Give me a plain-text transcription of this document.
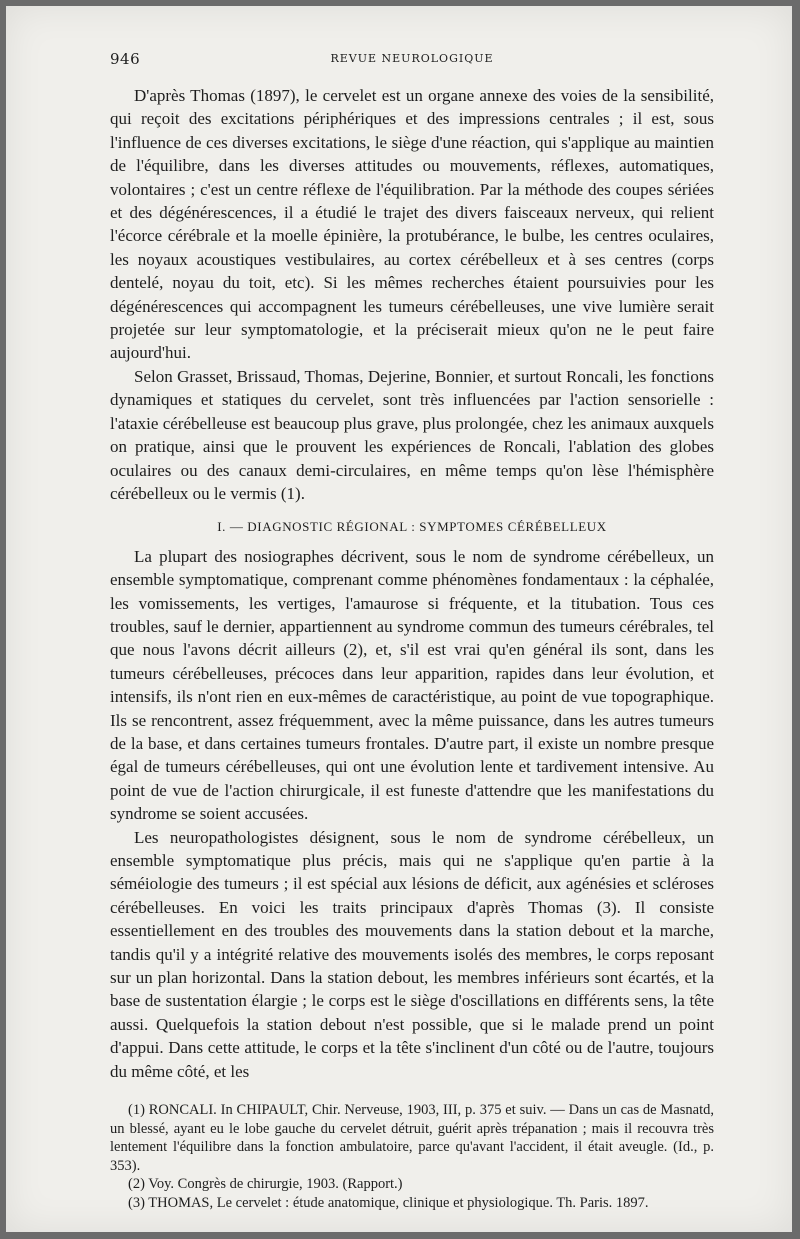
946	REVUE NEUROLOGIQUE

D'après Thomas (1897), le cervelet est un organe annexe des voies de la sensibilité, qui reçoit des excitations périphériques et des impressions centrales ; il est, sous l'influence de ces diverses excitations, le siège d'une réaction, qui s'applique au maintien de l'équilibre, dans les diverses attitudes ou mouvements, réflexes, automatiques, volontaires ; c'est un centre réflexe de l'équilibration. Par la méthode des coupes sériées et des dégénérescences, il a étudié le trajet des divers faisceaux nerveux, qui relient l'écorce cérébrale et la moelle épinière, la protubérance, le bulbe, les centres oculaires, les noyaux acoustiques vestibulaires, au cortex cérébelleux et à ses centres (corps dentelé, noyau du toit, etc). Si les mêmes recherches étaient poursuivies pour les dégénérescences qui accompagnent les tumeurs cérébelleuses, une vive lumière serait projetée sur leur symptomatologie, et la préciserait mieux qu'on ne le peut faire aujourd'hui.

Selon Grasset, Brissaud, Thomas, Dejerine, Bonnier, et surtout Roncali, les fonctions dynamiques et statiques du cervelet, sont très influencées par l'action sensorielle : l'ataxie cérébelleuse est beaucoup plus grave, plus prolongée, chez les animaux auxquels on pratique, ainsi que le prouvent les expériences de Roncali, l'ablation des globes oculaires ou des canaux demi-circulaires, en même temps qu'on lèse l'hémisphère cérébelleux ou le vermis (1).

I. — DIAGNOSTIC RÉGIONAL : SYMPTOMES CÉRÉBELLEUX

La plupart des nosiographes décrivent, sous le nom de syndrome cérébelleux, un ensemble symptomatique, comprenant comme phénomènes fondamentaux : la céphalée, les vomissements, les vertiges, l'amaurose si fréquente, et la titubation. Tous ces troubles, sauf le dernier, appartiennent au syndrome commun des tumeurs cérébrales, tel que nous l'avons décrit ailleurs (2), et, s'il est vrai qu'en général ils sont, dans les tumeurs cérébelleuses, précoces dans leur apparition, rapides dans leur évolution, et intensifs, ils n'ont rien en eux-mêmes de caractéristique, au point de vue topographique. Ils se rencontrent, assez fréquemment, avec la même puissance, dans les autres tumeurs de la base, et dans certaines tumeurs frontales. D'autre part, il existe un nombre presque égal de tumeurs cérébelleuses, qui ont une évolution lente et tardivement intensive. Au point de vue de l'action chirurgicale, il est funeste d'attendre que les manifestations du syndrome se soient accusées.

Les neuropathologistes désignent, sous le nom de syndrome cérébelleux, un ensemble symptomatique plus précis, mais qui ne s'applique qu'en partie à la séméiologie des tumeurs ; il est spécial aux lésions de déficit, aux agénésies et scléroses cérébelleuses. En voici les traits principaux d'après Thomas (3). Il consiste essentiellement en des troubles des mouvements dans la station debout et la marche, tandis qu'il y a intégrité relative des mouvements isolés des membres, le corps reposant sur un plan horizontal. Dans la station debout, les membres inférieurs sont écartés, et la base de sustentation élargie ; le corps est le siège d'oscillations en différents sens, la tête aussi. Quelquefois la station debout n'est possible, que si le malade prend un point d'appui. Dans cette attitude, le corps et la tête s'inclinent d'un côté ou de l'autre, toujours du même côté, et les

(1) RONCALI. In CHIPAULT, Chir. Nerveuse, 1903, III, p. 375 et suiv. — Dans un cas de Masnatd, un blessé, ayant eu le lobe gauche du cervelet détruit, guérit après trépanation ; mais il recouvra très lentement l'équilibre dans la fonction ambulatoire, parce qu'avant l'accident, il était aveugle. (Id., p. 353).

(2) Voy. Congrès de chirurgie, 1903. (Rapport.)

(3) THOMAS, Le cervelet : étude anatomique, clinique et physiologique. Th. Paris. 1897.
